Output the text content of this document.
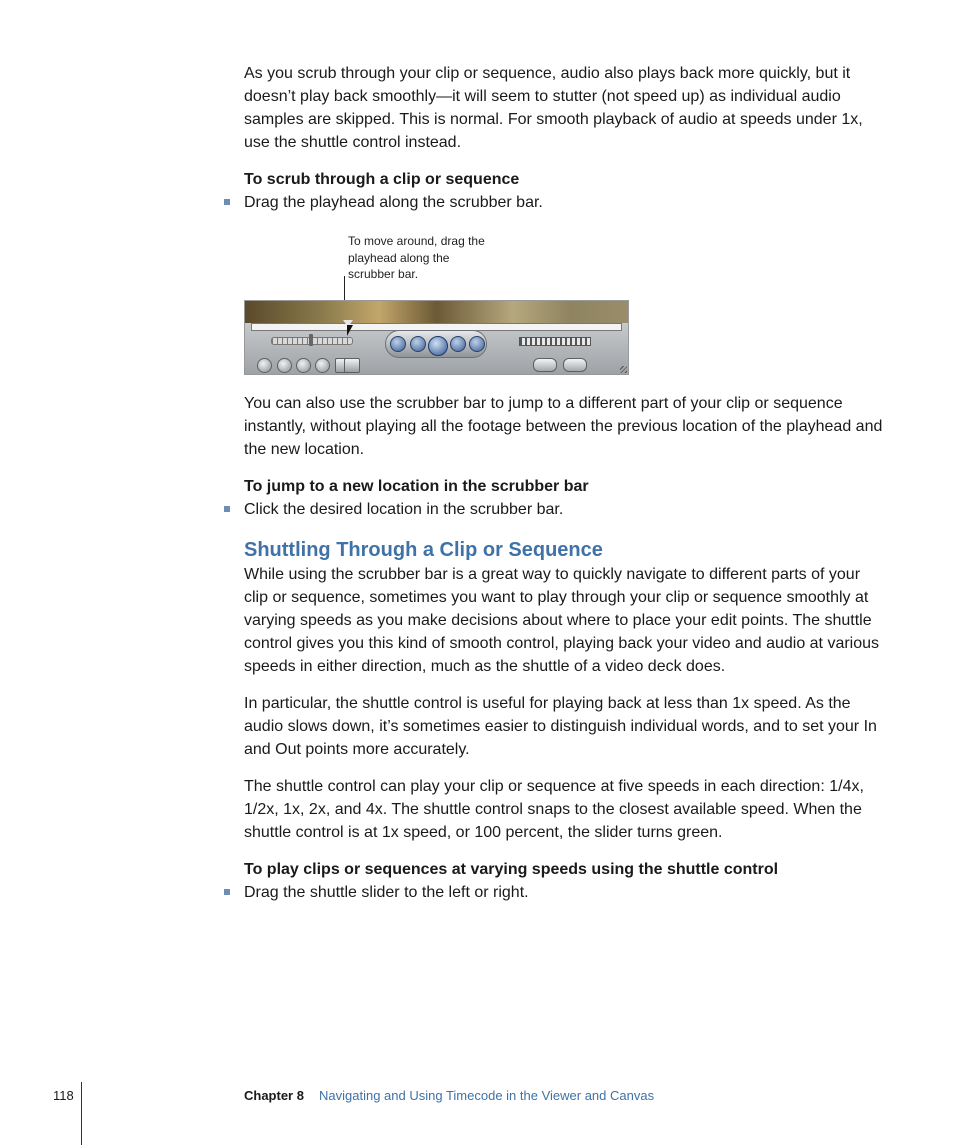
As you scrub through your clip or sequence, audio also plays back more quickly, but it doesn’t play back smoothly—it will seem to stutter (not speed up) as individual audio samples are skipped. This is normal. For smooth playback of audio at speeds under 1x, use the shuttle control instead.

To scrub through a clip or sequence

Drag the playhead along the scrubber bar.

To move around, drag the playhead along the scrubber bar.

You can also use the scrubber bar to jump to a different part of your clip or sequence instantly, without playing all the footage between the previous location of the playhead and the new location.

To jump to a new location in the scrubber bar

Click the desired location in the scrubber bar.

Shuttling Through a Clip or Sequence

While using the scrubber bar is a great way to quickly navigate to different parts of your clip or sequence, sometimes you want to play through your clip or sequence smoothly at varying speeds as you make decisions about where to place your edit points. The shuttle control gives you this kind of smooth control, playing back your video and audio at various speeds in either direction, much as the shuttle of a video deck does.

In particular, the shuttle control is useful for playing back at less than 1x speed. As the audio slows down, it’s sometimes easier to distinguish individual words, and to set your In and Out points more accurately.

The shuttle control can play your clip or sequence at five speeds in each direction: 1/4x, 1/2x, 1x, 2x, and 4x. The shuttle control snaps to the closest available speed. When the shuttle control is at 1x speed, or 100 percent, the slider turns green.

To play clips or sequences at varying speeds using the shuttle control

Drag the shuttle slider to the left or right.

118	Chapter 8 Navigating and Using Timecode in the Viewer and Canvas
